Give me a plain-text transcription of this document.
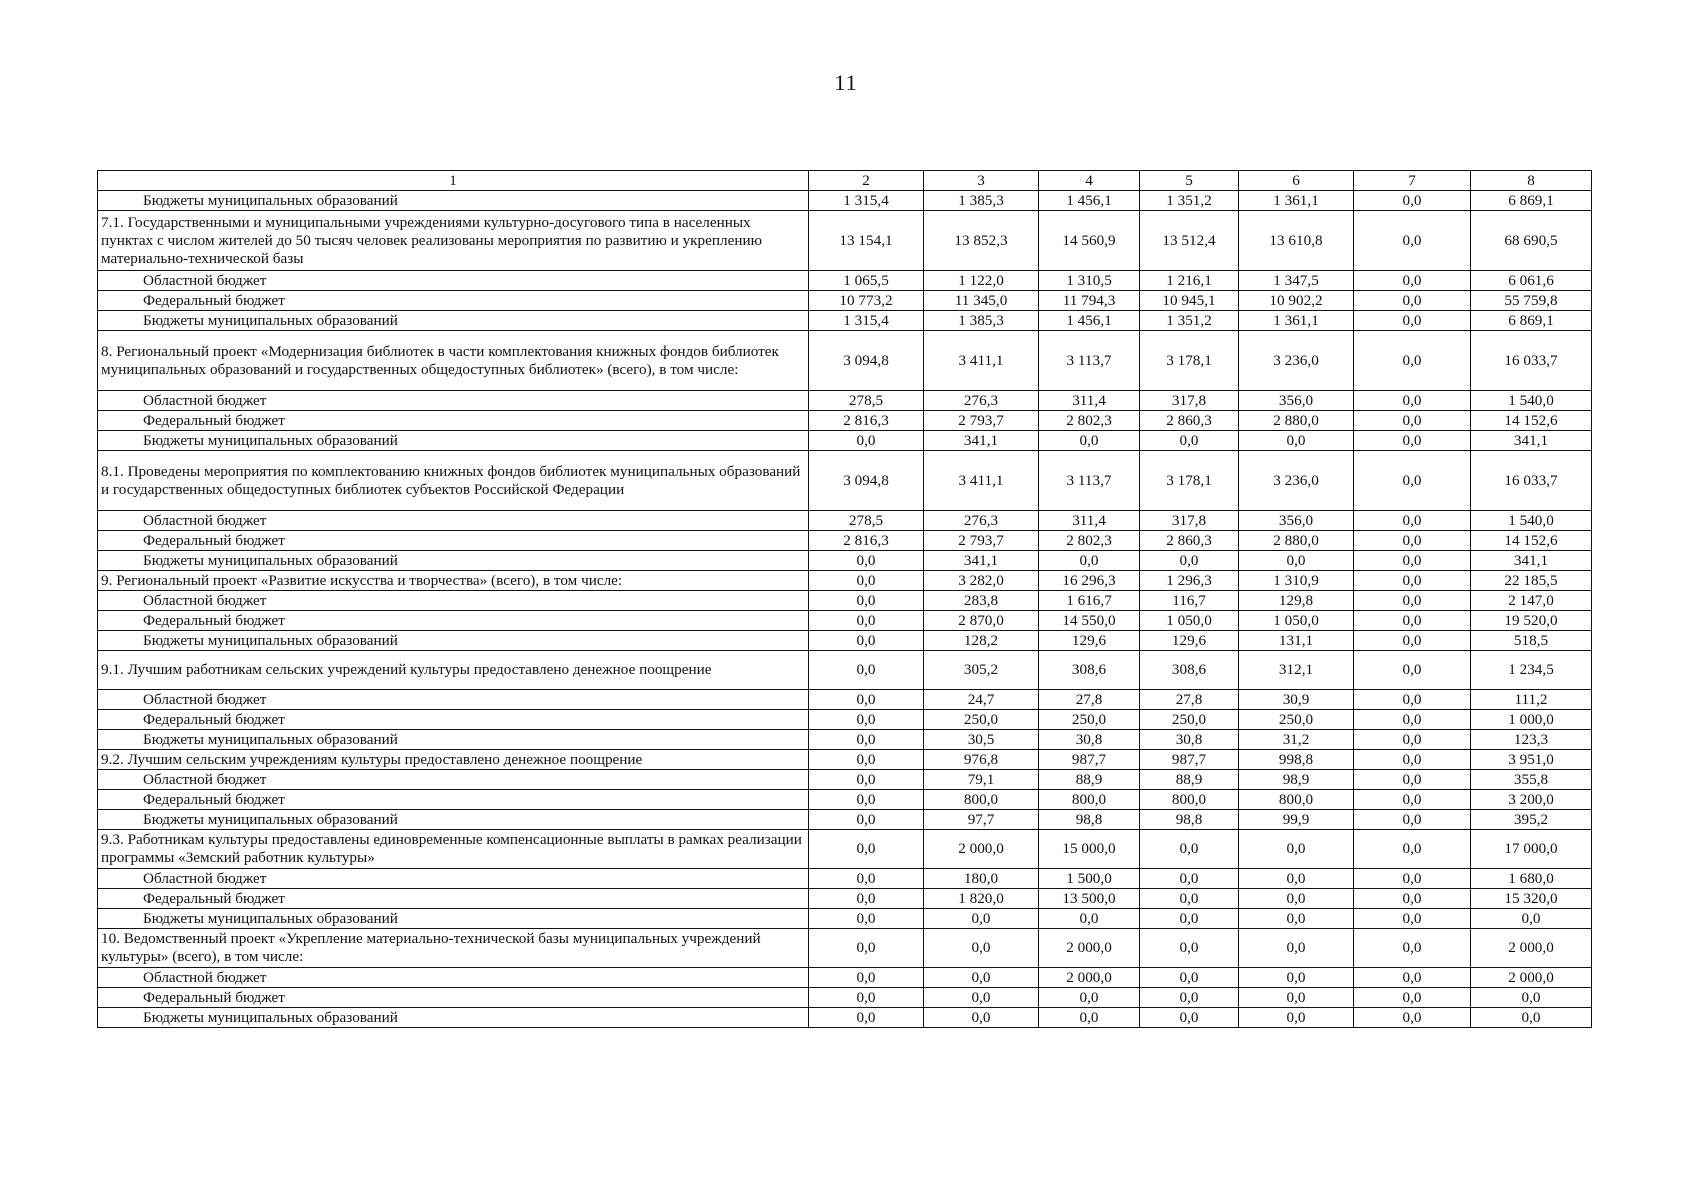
11
1	2	3	4	5	6	7	8
Бюджеты муниципальных образований	1 315,4	1 385,3	1 456,1	1 351,2	1 361,1	0,0	6 869,1
7.1. Государственными и муниципальными учреждениями культурно-досугового типа в населенных пунктах с числом жителей до 50 тысяч человек реализованы мероприятия по развитию и укреплению материально-технической базы	13 154,1	13 852,3	14 560,9	13 512,4	13 610,8	0,0	68 690,5
Областной бюджет	1 065,5	1 122,0	1 310,5	1 216,1	1 347,5	0,0	6 061,6
Федеральный бюджет	10 773,2	11 345,0	11 794,3	10 945,1	10 902,2	0,0	55 759,8
Бюджеты муниципальных образований	1 315,4	1 385,3	1 456,1	1 351,2	1 361,1	0,0	6 869,1
8. Региональный проект «Модернизация библиотек в части комплектования книжных фондов библиотек муниципальных образований и государственных общедоступных библиотек» (всего), в том числе:	3 094,8	3 411,1	3 113,7	3 178,1	3 236,0	0,0	16 033,7
Областной бюджет	278,5	276,3	311,4	317,8	356,0	0,0	1 540,0
Федеральный бюджет	2 816,3	2 793,7	2 802,3	2 860,3	2 880,0	0,0	14 152,6
Бюджеты муниципальных образований	0,0	341,1	0,0	0,0	0,0	0,0	341,1
8.1. Проведены мероприятия по комплектованию книжных фондов библиотек муниципальных образований и государственных общедоступных библиотек субъектов Российской Федерации	3 094,8	3 411,1	3 113,7	3 178,1	3 236,0	0,0	16 033,7
Областной бюджет	278,5	276,3	311,4	317,8	356,0	0,0	1 540,0
Федеральный бюджет	2 816,3	2 793,7	2 802,3	2 860,3	2 880,0	0,0	14 152,6
Бюджеты муниципальных образований	0,0	341,1	0,0	0,0	0,0	0,0	341,1
9. Региональный проект «Развитие искусства и творчества» (всего), в том числе:	0,0	3 282,0	16 296,3	1 296,3	1 310,9	0,0	22 185,5
Областной бюджет	0,0	283,8	1 616,7	116,7	129,8	0,0	2 147,0
Федеральный бюджет	0,0	2 870,0	14 550,0	1 050,0	1 050,0	0,0	19 520,0
Бюджеты муниципальных образований	0,0	128,2	129,6	129,6	131,1	0,0	518,5
9.1. Лучшим работникам сельских учреждений культуры предоставлено денежное поощрение	0,0	305,2	308,6	308,6	312,1	0,0	1 234,5
Областной бюджет	0,0	24,7	27,8	27,8	30,9	0,0	111,2
Федеральный бюджет	0,0	250,0	250,0	250,0	250,0	0,0	1 000,0
Бюджеты муниципальных образований	0,0	30,5	30,8	30,8	31,2	0,0	123,3
9.2. Лучшим сельским учреждениям культуры предоставлено денежное поощрение	0,0	976,8	987,7	987,7	998,8	0,0	3 951,0
Областной бюджет	0,0	79,1	88,9	88,9	98,9	0,0	355,8
Федеральный бюджет	0,0	800,0	800,0	800,0	800,0	0,0	3 200,0
Бюджеты муниципальных образований	0,0	97,7	98,8	98,8	99,9	0,0	395,2
9.3. Работникам культуры предоставлены единовременные компенсационные выплаты в рамках реализации программы «Земский работник культуры»	0,0	2 000,0	15 000,0	0,0	0,0	0,0	17 000,0
Областной бюджет	0,0	180,0	1 500,0	0,0	0,0	0,0	1 680,0
Федеральный бюджет	0,0	1 820,0	13 500,0	0,0	0,0	0,0	15 320,0
Бюджеты муниципальных образований	0,0	0,0	0,0	0,0	0,0	0,0	0,0
10. Ведомственный проект «Укрепление материально-технической базы муниципальных учреждений культуры» (всего), в том числе:	0,0	0,0	2 000,0	0,0	0,0	0,0	2 000,0
Областной бюджет	0,0	0,0	2 000,0	0,0	0,0	0,0	2 000,0
Федеральный бюджет	0,0	0,0	0,0	0,0	0,0	0,0	0,0
Бюджеты муниципальных образований	0,0	0,0	0,0	0,0	0,0	0,0	0,0
